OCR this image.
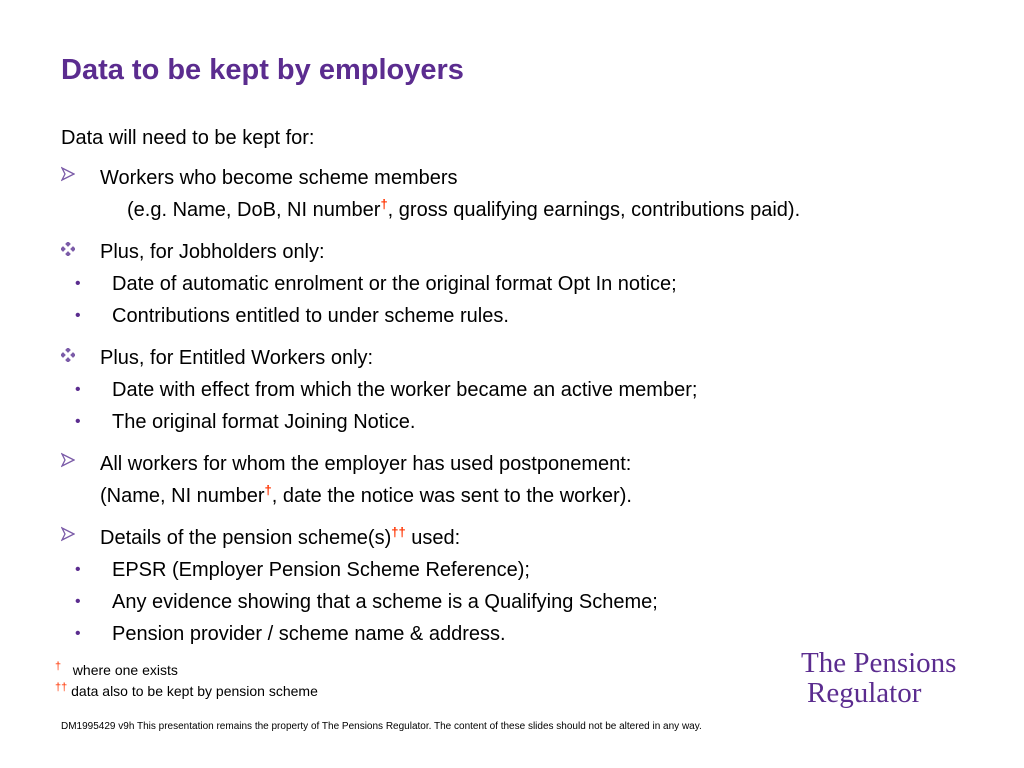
Data to be kept by employers
Data will need to be kept for:
Workers who become scheme members
(e.g. Name, DoB, NI number†, gross qualifying earnings, contributions paid).
Plus, for Jobholders only:
• Date of automatic enrolment or the original format Opt In notice;
• Contributions entitled to under scheme rules.
Plus, for Entitled Workers only:
• Date with effect from which the worker became an active member;
• The original format Joining Notice.
All workers for whom the employer has used postponement:
(Name, NI number†, date the notice was sent to the worker).
Details of the pension scheme(s)†† used:
• EPSR (Employer Pension Scheme Reference);
• Any evidence showing that a scheme is a Qualifying Scheme;
• Pension provider / scheme name & address.
† where one exists
†† data also to be kept by pension scheme
The Pensions
Regulator
DM1995429 v9h This presentation remains the property of The Pensions Regulator. The content of these slides should not be altered in any way.
